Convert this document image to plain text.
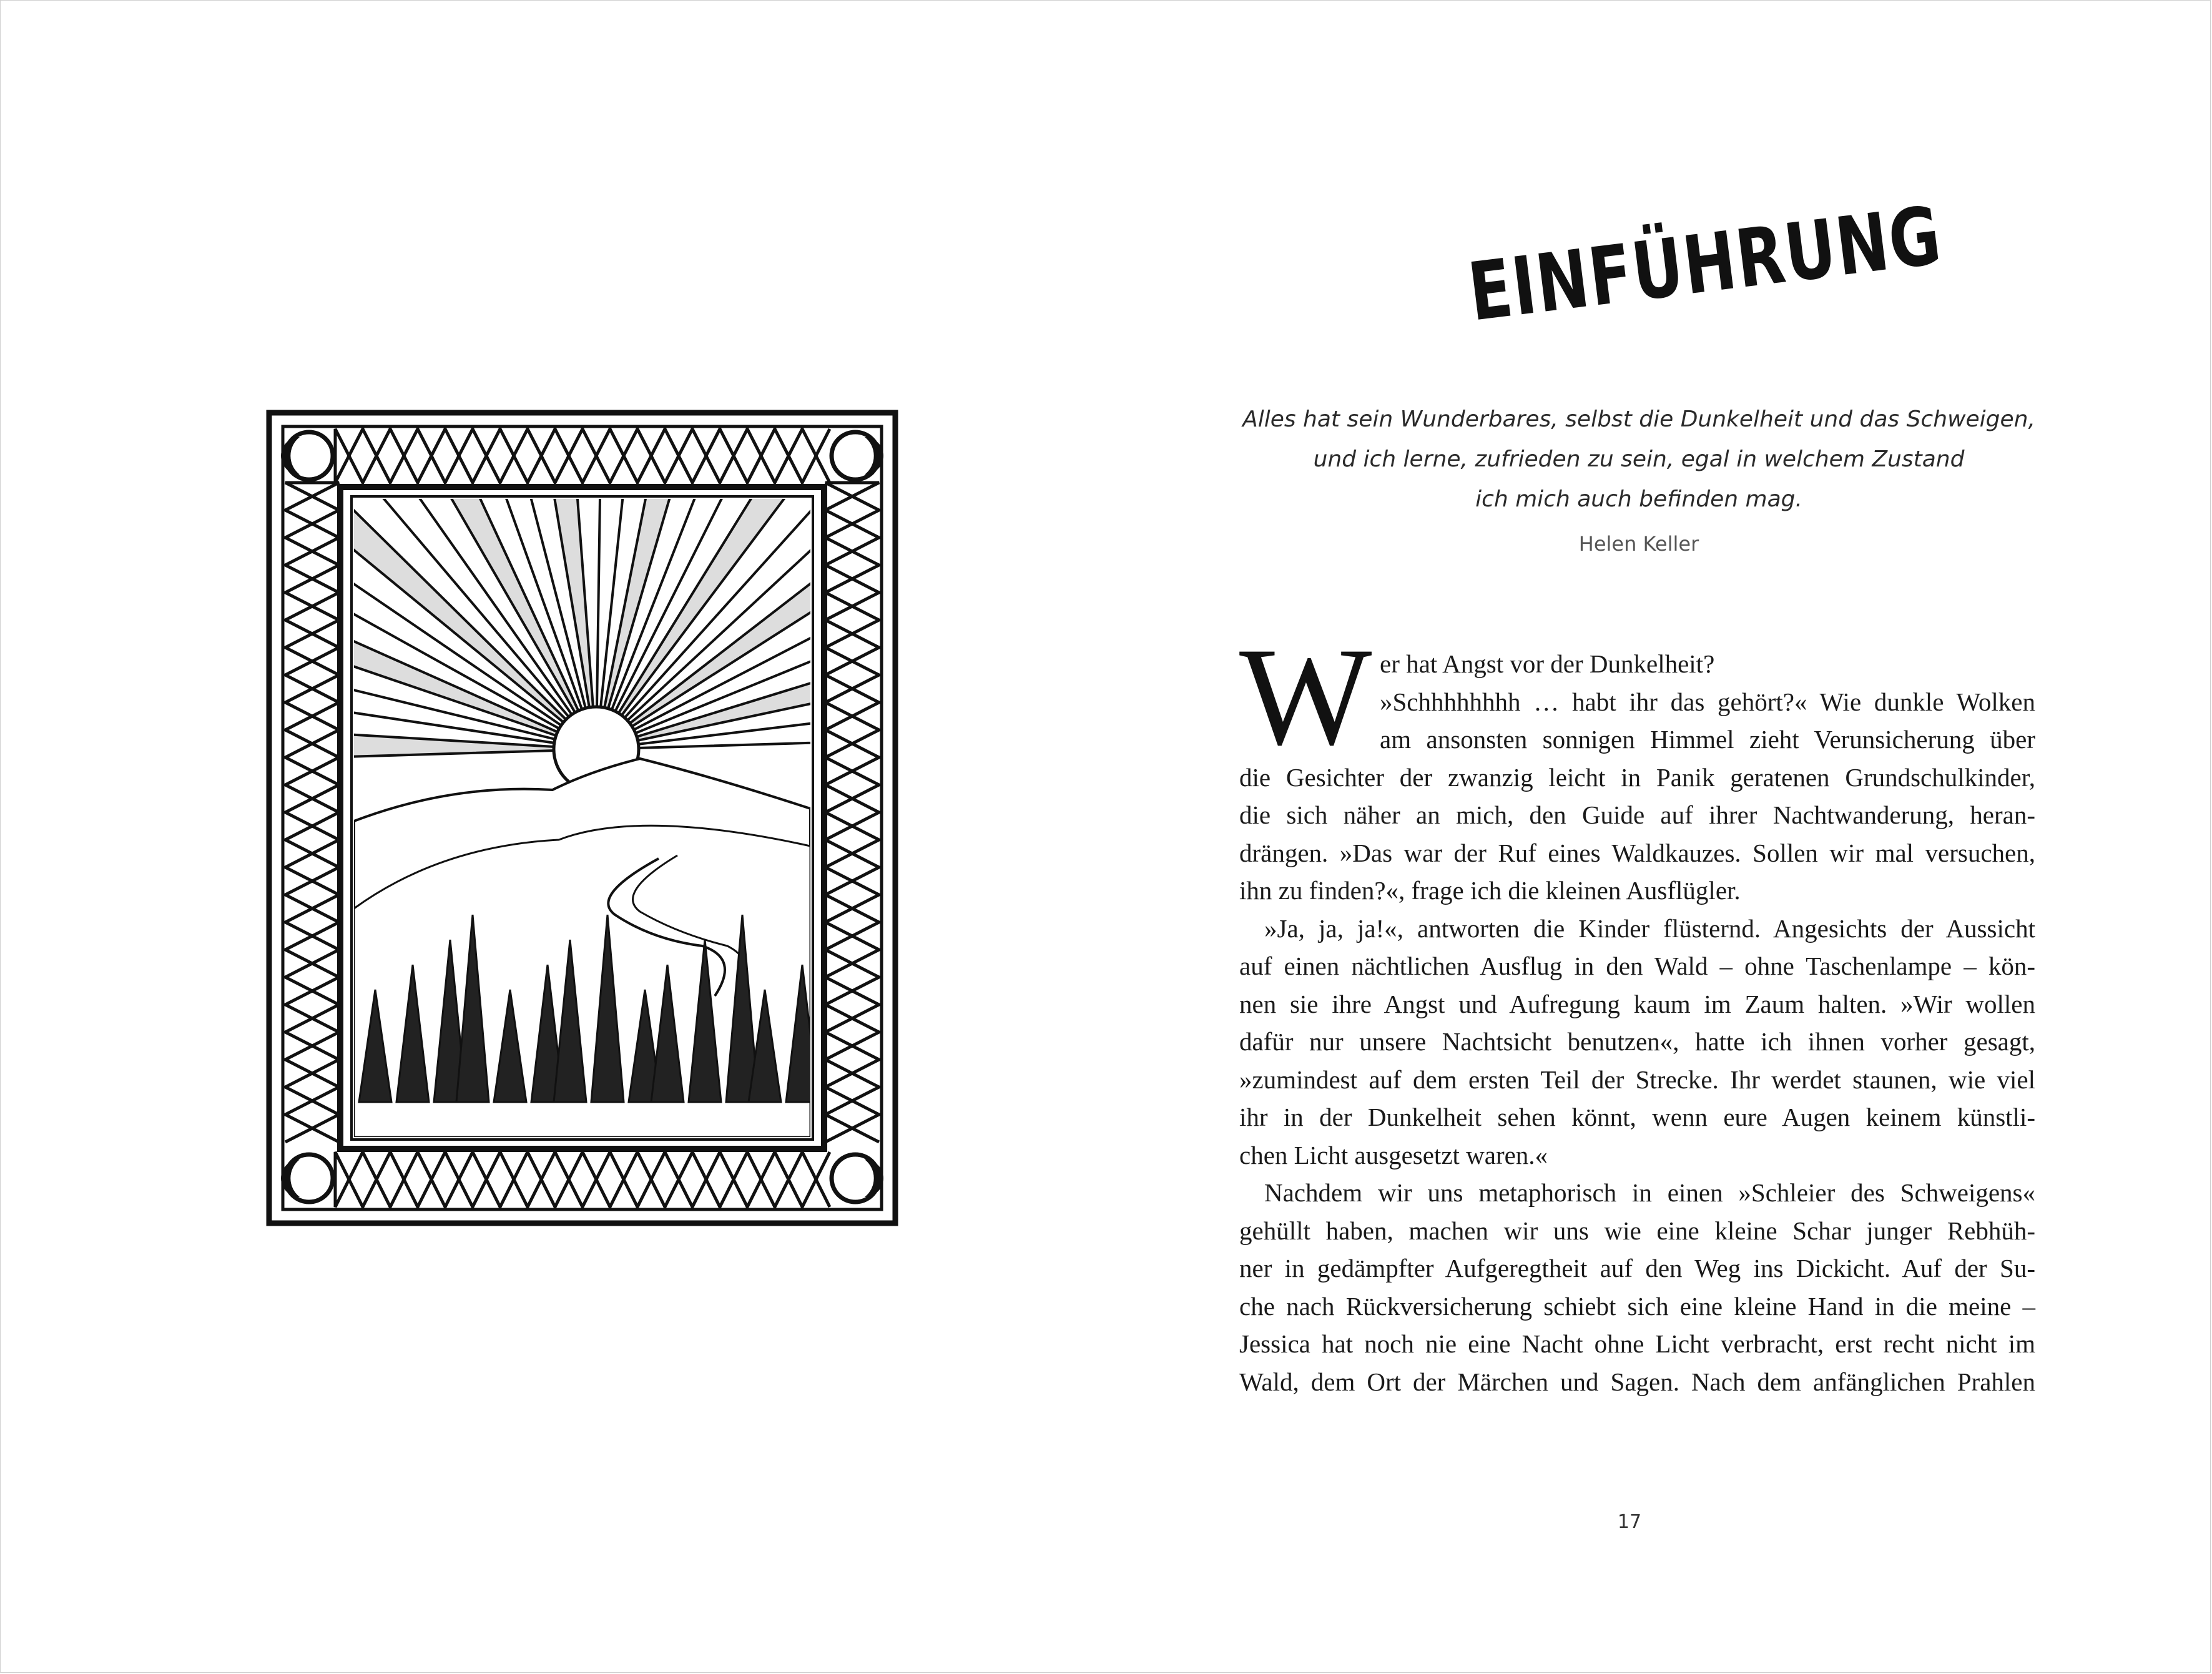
EINFÜHRUNG

Alles hat sein Wunderbares, selbst die Dunkelheit und das Schweigen,

und ich lerne, zufrieden zu sein, egal in welchem Zustand

ich mich auch befinden mag.

Helen Keller
W er hat Angst vor der Dunkelheit?

»Schhhhhhhh … habt ihr das gehört?« Wie dunkle Wolken

am ansonsten sonnigen Himmel zieht Verunsicherung über

die Gesichter der zwanzig leicht in Panik geratenen Grundschulkinder,

die sich näher an mich, den Guide auf ihrer Nachtwanderung, heran-

drängen. »Das war der Ruf eines Waldkauzes. Sollen wir mal versuchen,

ihn zu finden?«, frage ich die kleinen Ausflügler.

»Ja, ja, ja!«, antworten die Kinder flüsternd. Angesichts der Aussicht

auf einen nächtlichen Ausflug in den Wald – ohne Taschenlampe – kön-

nen sie ihre Angst und Aufregung kaum im Zaum halten. »Wir wollen

dafür nur unsere Nachtsicht benutzen«, hatte ich ihnen vorher gesagt,

»zumindest auf dem ersten Teil der Strecke. Ihr werdet staunen, wie viel

ihr in der Dunkelheit sehen könnt, wenn eure Augen keinem künstli-

chen Licht ausgesetzt waren.«

Nachdem wir uns metaphorisch in einen »Schleier des Schweigens«

gehüllt haben, machen wir uns wie eine kleine Schar junger Rebhüh-

ner in gedämpfter Aufgeregtheit auf den Weg ins Dickicht. Auf der Su-

che nach Rückversicherung schiebt sich eine kleine Hand in die meine –

Jessica hat noch nie eine Nacht ohne Licht verbracht, erst recht nicht im

Wald, dem Ort der Märchen und Sagen. Nach dem anfänglichen Prahlen

17
